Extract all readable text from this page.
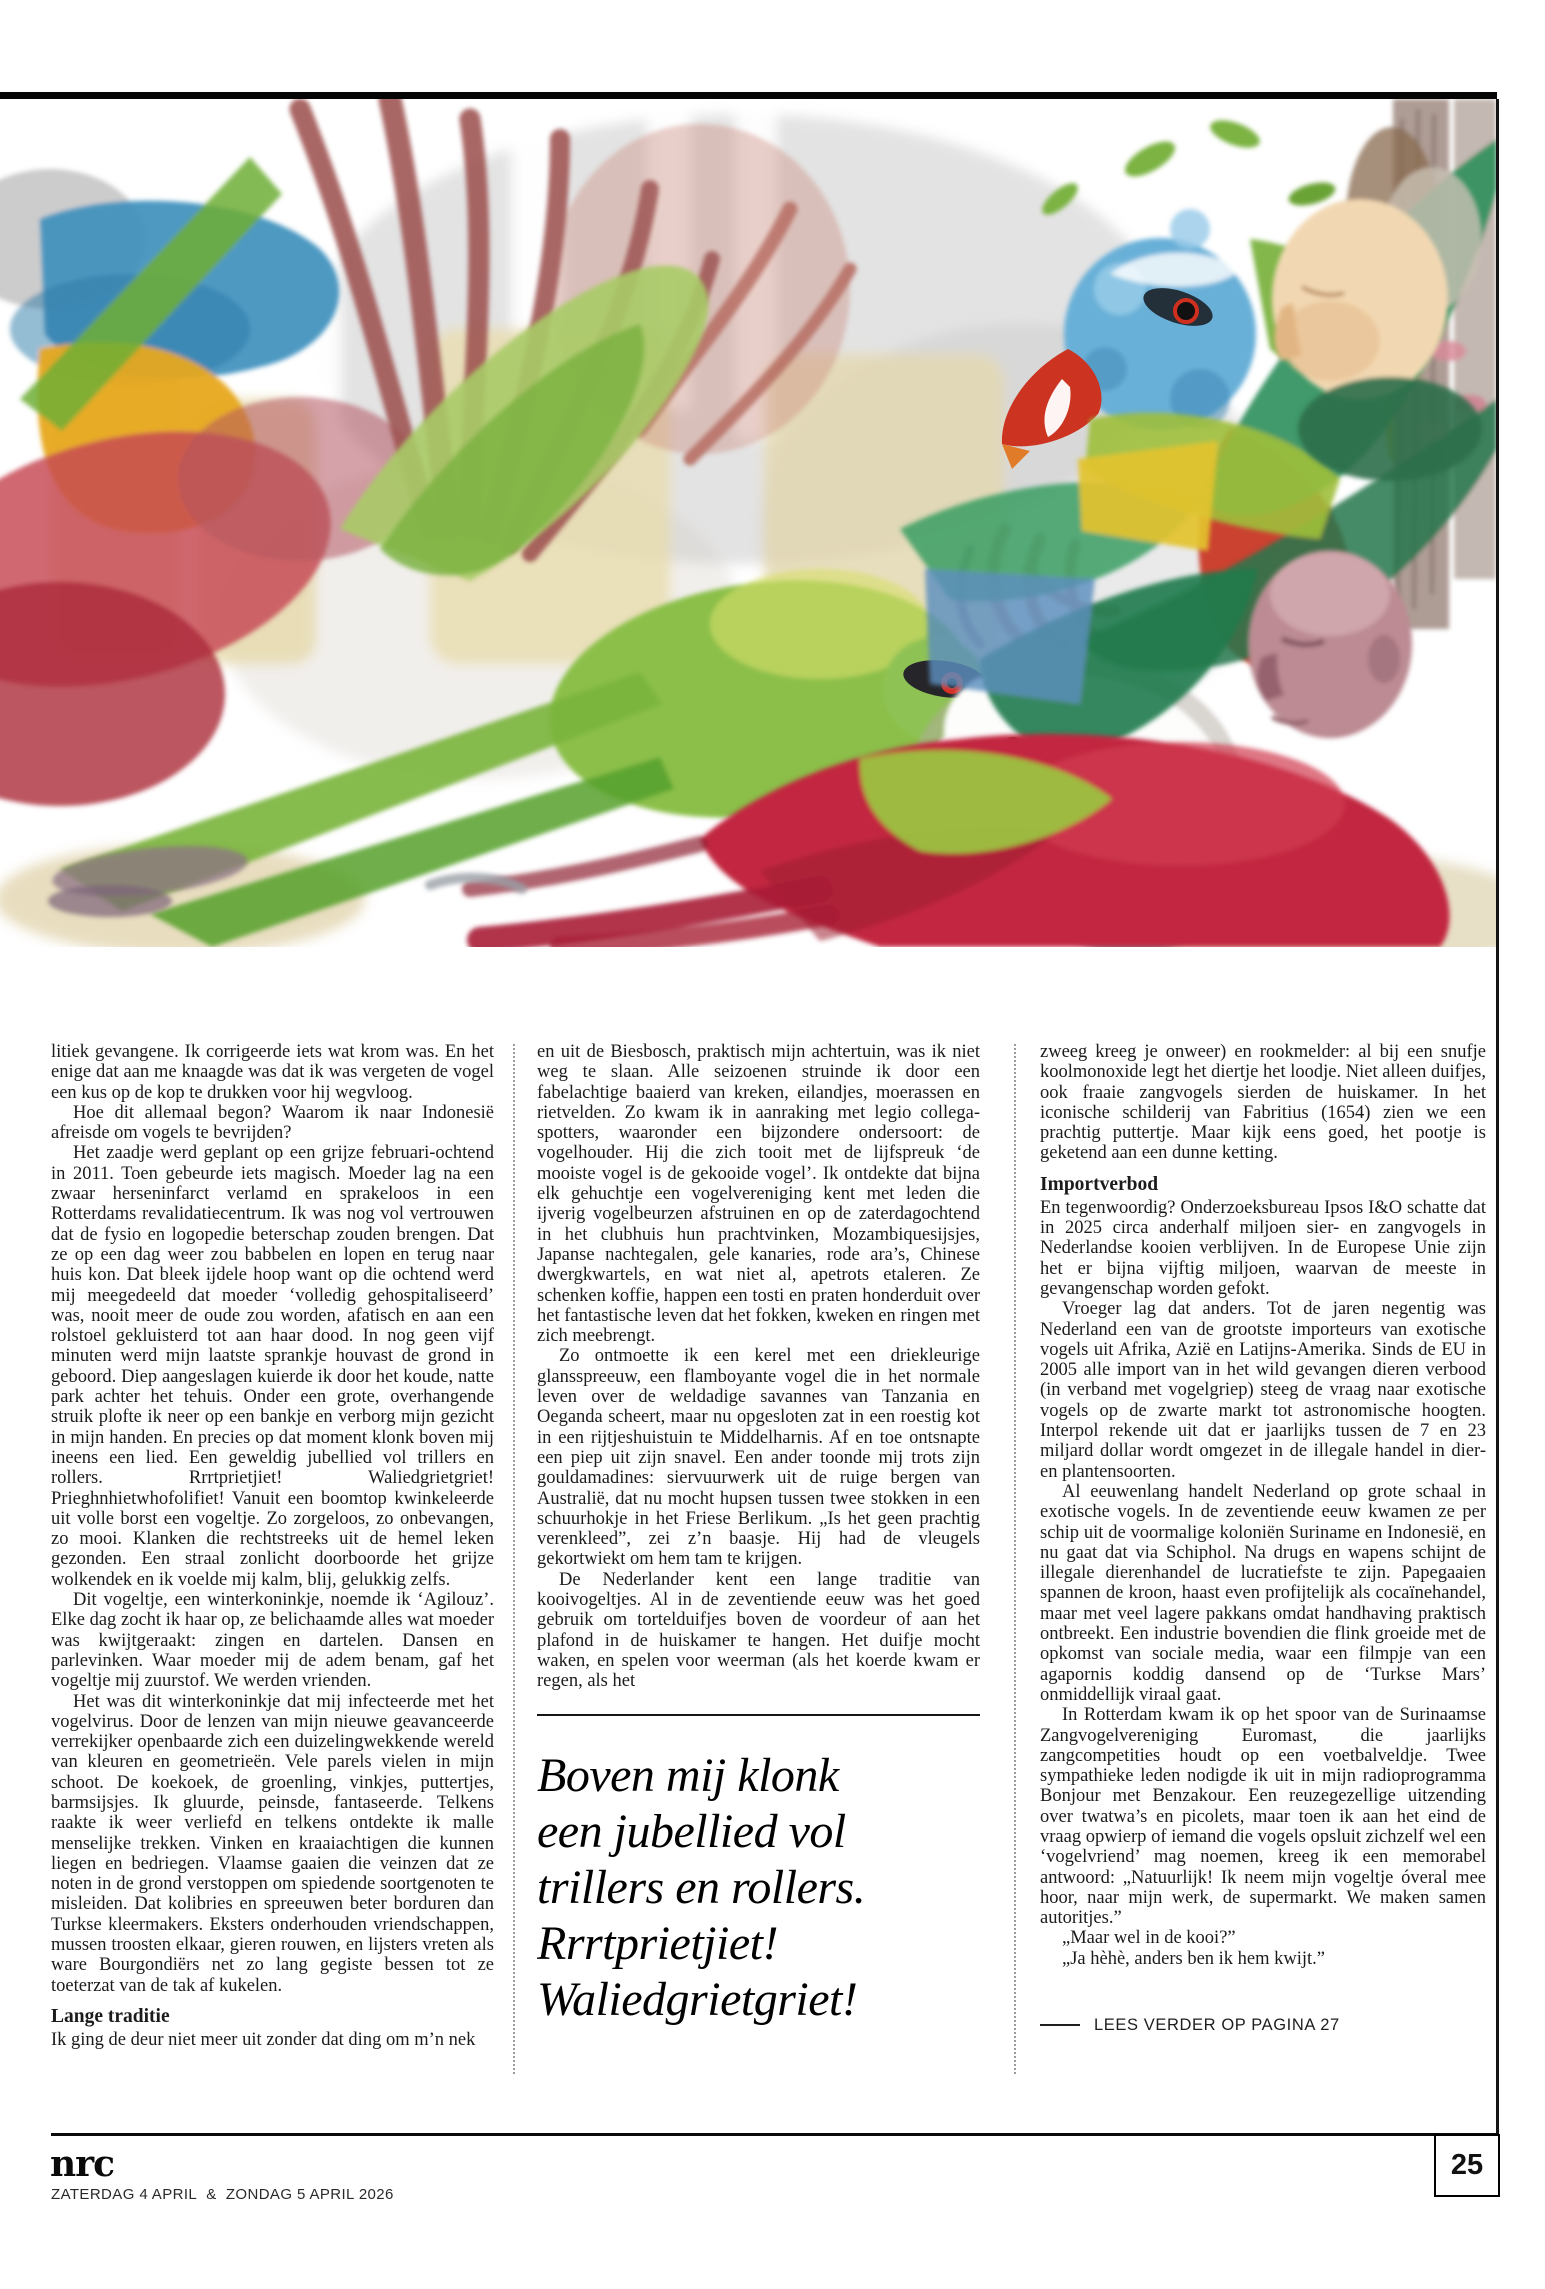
litiek gevangene. Ik corrigeerde iets wat krom was. En het enige dat aan me knaagde was dat ik was vergeten de vogel een kus op de kop te drukken voor hij wegvloog.

Hoe dit allemaal begon? Waarom ik naar Indonesië afreisde om vogels te bevrijden?

Het zaadje werd geplant op een grijze februari-ochtend in 2011. Toen gebeurde iets magisch. Moeder lag na een zwaar herseninfarct verlamd en sprakeloos in een Rotterdams revalidatiecentrum. Ik was nog vol vertrouwen dat de fysio en logopedie beterschap zouden brengen. Dat ze op een dag weer zou babbelen en lopen en terug naar huis kon. Dat bleek ijdele hoop want op die ochtend werd mij meegedeeld dat moeder ‘volledig gehospitaliseerd’ was, nooit meer de oude zou worden, afatisch en aan een rolstoel gekluisterd tot aan haar dood. In nog geen vijf minuten werd mijn laatste sprankje houvast de grond in geboord. Diep aangeslagen kuierde ik door het koude, natte park achter het tehuis. Onder een grote, overhangende struik plofte ik neer op een bankje en verborg mijn gezicht in mijn handen. En precies op dat moment klonk boven mij ineens een lied. Een geweldig jubellied vol trillers en rollers. Rrrtprietjiet! Waliedgrietgriet! Prieghnhietwhofolifiet! Vanuit een boomtop kwinkeleerde uit volle borst een vogeltje. Zo zorgeloos, zo onbevangen, zo mooi. Klanken die rechtstreeks uit de hemel leken gezonden. Een straal zonlicht doorboorde het grijze wolkendek en ik voelde mij kalm, blij, gelukkig zelfs.

Dit vogeltje, een winterkoninkje, noemde ik ‘Agilouz’. Elke dag zocht ik haar op, ze belichaamde alles wat moeder was kwijtgeraakt: zingen en dartelen. Dansen en parlevinken. Waar moeder mij de adem benam, gaf het vogeltje mij zuurstof. We werden vrienden.

Het was dit winterkoninkje dat mij infecteerde met het vogelvirus. Door de lenzen van mijn nieuwe geavanceerde verrekijker openbaarde zich een duizelingwekkende wereld van kleuren en geometrieën. Vele parels vielen in mijn schoot. De koekoek, de groenling, vinkjes, puttertjes, barmsijsjes. Ik gluurde, peinsde, fantaseerde. Telkens raakte ik weer verliefd en telkens ontdekte ik malle menselijke trekken. Vinken en kraaiachtigen die kunnen liegen en bedriegen. Vlaamse gaaien die veinzen dat ze noten in de grond verstoppen om spiedende soortgenoten te misleiden. Dat kolibries en spreeuwen beter borduren dan Turkse kleermakers. Eksters onderhouden vriendschappen, mussen troosten elkaar, gieren rouwen, en lijsters vreten als ware Bourgondiërs net zo lang gegiste bessen tot ze toeterzat van de tak af kukelen.

Lange traditie

Ik ging de deur niet meer uit zonder dat ding om m’n nek

en uit de Biesbosch, praktisch mijn achtertuin, was ik niet weg te slaan. Alle seizoenen struinde ik door een fabelachtige baaierd van kreken, eilandjes, moerassen en rietvelden. Zo kwam ik in aanraking met legio collega-spotters, waaronder een bijzondere ondersoort: de vogelhouder. Hij die zich tooit met de lijfspreuk ‘de mooiste vogel is de gekooide vogel’. Ik ontdekte dat bijna elk gehuchtje een vogelvereniging kent met leden die ijverig vogelbeurzen afstruinen en op de zaterdagochtend in het clubhuis hun prachtvinken, Mozambiquesijsjes, Japanse nachtegalen, gele kanaries, rode ara’s, Chinese dwergkwartels, en wat niet al, apetrots etaleren. Ze schenken koffie, happen een tosti en praten honderduit over het fantastische leven dat het fokken, kweken en ringen met zich meebrengt.

Zo ontmoette ik een kerel met een driekleurige glansspreeuw, een flamboyante vogel die in het normale leven over de weldadige savannes van Tanzania en Oeganda scheert, maar nu opgesloten zat in een roestig kot in een rijtjeshuistuin te Middelharnis. Af en toe ontsnapte een piep uit zijn snavel. Een ander toonde mij trots zijn gouldamadines: siervuurwerk uit de ruige bergen van Australië, dat nu mocht hupsen tussen twee stokken in een schuurhokje in het Friese Berlikum. „Is het geen prachtig verenkleed”, zei z’n baasje. Hij had de vleugels gekortwiekt om hem tam te krijgen.

De Nederlander kent een lange traditie van kooivogeltjes. Al in de zeventiende eeuw was het goed gebruik om tortelduifjes boven de voordeur of aan het plafond in de huiskamer te hangen. Het duifje mocht waken, en spelen voor weerman (als het koerde kwam er regen, als het

Boven mij klonk
een jubellied vol
trillers en rollers.
Rrrtprietjiet!
Waliedgrietgriet!

zweeg kreeg je onweer) en rookmelder: al bij een snufje koolmonoxide legt het diertje het loodje. Niet alleen duifjes, ook fraaie zangvogels sierden de huiskamer. In het iconische schilderij van Fabritius (1654) zien we een prachtig puttertje. Maar kijk eens goed, het pootje is geketend aan een dunne ketting.

Importverbod

En tegenwoordig? Onderzoeksbureau Ipsos I&O schatte dat in 2025 circa anderhalf miljoen sier- en zangvogels in Nederlandse kooien verblijven. In de Europese Unie zijn het er bijna vijftig miljoen, waarvan de meeste in gevangenschap worden gefokt.

Vroeger lag dat anders. Tot de jaren negentig was Nederland een van de grootste importeurs van exotische vogels uit Afrika, Azië en Latijns-Amerika. Sinds de EU in 2005 alle import van in het wild gevangen dieren verbood (in verband met vogelgriep) steeg de vraag naar exotische vogels op de zwarte markt tot astronomische hoogten. Interpol rekende uit dat er jaarlijks tussen de 7 en 23 miljard dollar wordt omgezet in de illegale handel in dier- en plantensoorten.

Al eeuwenlang handelt Nederland op grote schaal in exotische vogels. In de zeventiende eeuw kwamen ze per schip uit de voormalige koloniën Suriname en Indonesië, en nu gaat dat via Schiphol. Na drugs en wapens schijnt de illegale dierenhandel de lucratiefste te zijn. Papegaaien spannen de kroon, haast even profijtelijk als cocaïnehandel, maar met veel lagere pakkans omdat handhaving praktisch ontbreekt. Een industrie bovendien die flink groeide met de opkomst van sociale media, waar een filmpje van een agapornis koddig dansend op de ‘Turkse Mars’ onmiddellijk viraal gaat.

In Rotterdam kwam ik op het spoor van de Surinaamse Zangvogelvereniging Euromast, die jaarlijks zangcompetities houdt op een voetbalveldje. Twee sympathieke leden nodigde ik uit in mijn radioprogramma Bonjour met Benzakour. Een reuzegezellige uitzending over twatwa’s en picolets, maar toen ik aan het eind de vraag opwierp of iemand die vogels opsluit zichzelf wel een ‘vogelvriend’ mag noemen, kreeg ik een memorabel antwoord: „Natuurlijk! Ik neem mijn vogeltje óveral mee hoor, naar mijn werk, de supermarkt. We maken samen autoritjes.”

„Maar wel in de kooi?”

„Ja hèhè, anders ben ik hem kwijt.”

LEES VERDER OP PAGINA 27
nrc
ZATERDAG 4 APRIL  &  ZONDAG 5 APRIL 2026
25
